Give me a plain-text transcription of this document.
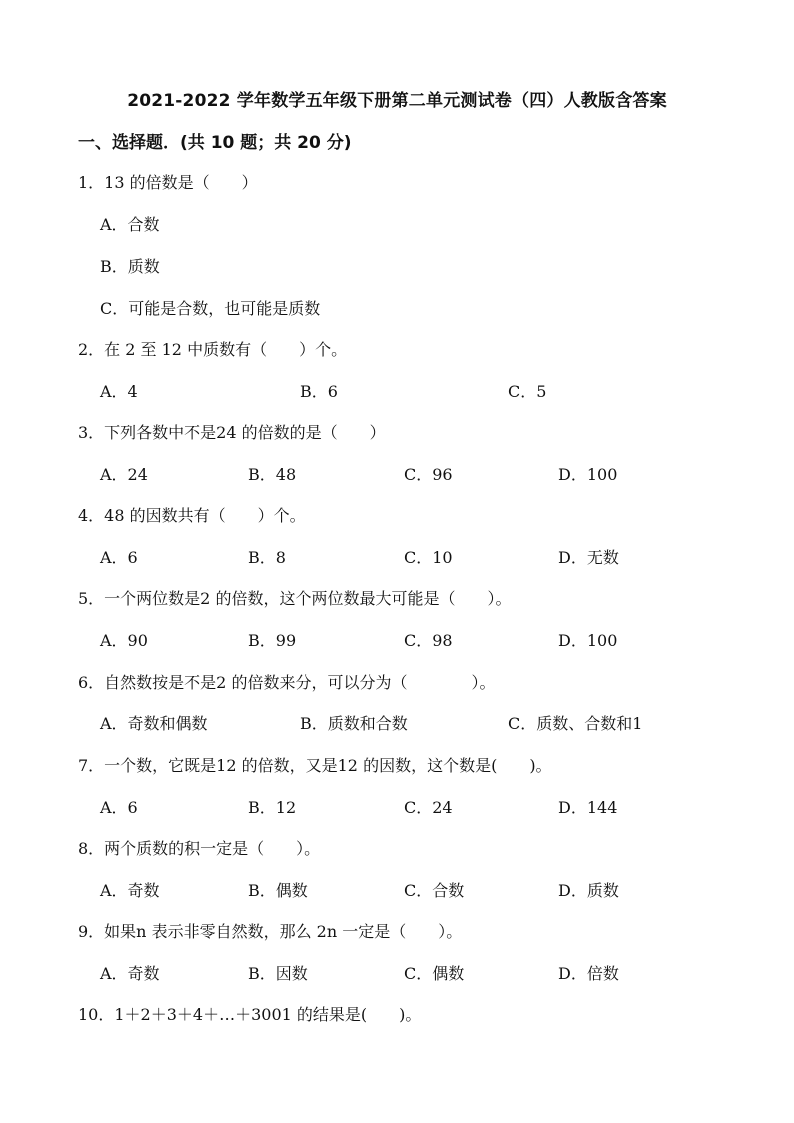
2021-2022 学年数学五年级下册第二单元测试卷（四）人教版含答案
一、选择题．(共 10 题；共 20 分)
1．13 的倍数是（　　）
A．合数
B．质数
C．可能是合数，也可能是质数
2．在 2 至 12 中质数有（　　）个。
A．4	B．6	C．5
3．下列各数中不是24 的倍数的是（　　）
A．24	B．48	C．96	D．100
4．48 的因数共有（　　）个。
A．6	B．8	C．10	D．无数
5．一个两位数是2 的倍数，这个两位数最大可能是（　　）。
A．90	B．99	C．98	D．100
6．自然数按是不是2 的倍数来分，可以分为（　　　　）。
A．奇数和偶数	B．质数和合数	C．质数、合数和1
7．一个数，它既是12 的倍数，又是12 的因数，这个数是(　　)。
A．6	B．12	C．24	D．144
8．两个质数的积一定是（　　）。
A．奇数	B．偶数	C．合数	D．质数
9．如果n 表示非零自然数，那么 2n 一定是（　　）。
A．奇数	B．因数	C．偶数	D．倍数
10．1＋2＋3＋4＋…＋3001 的结果是(　　)。
